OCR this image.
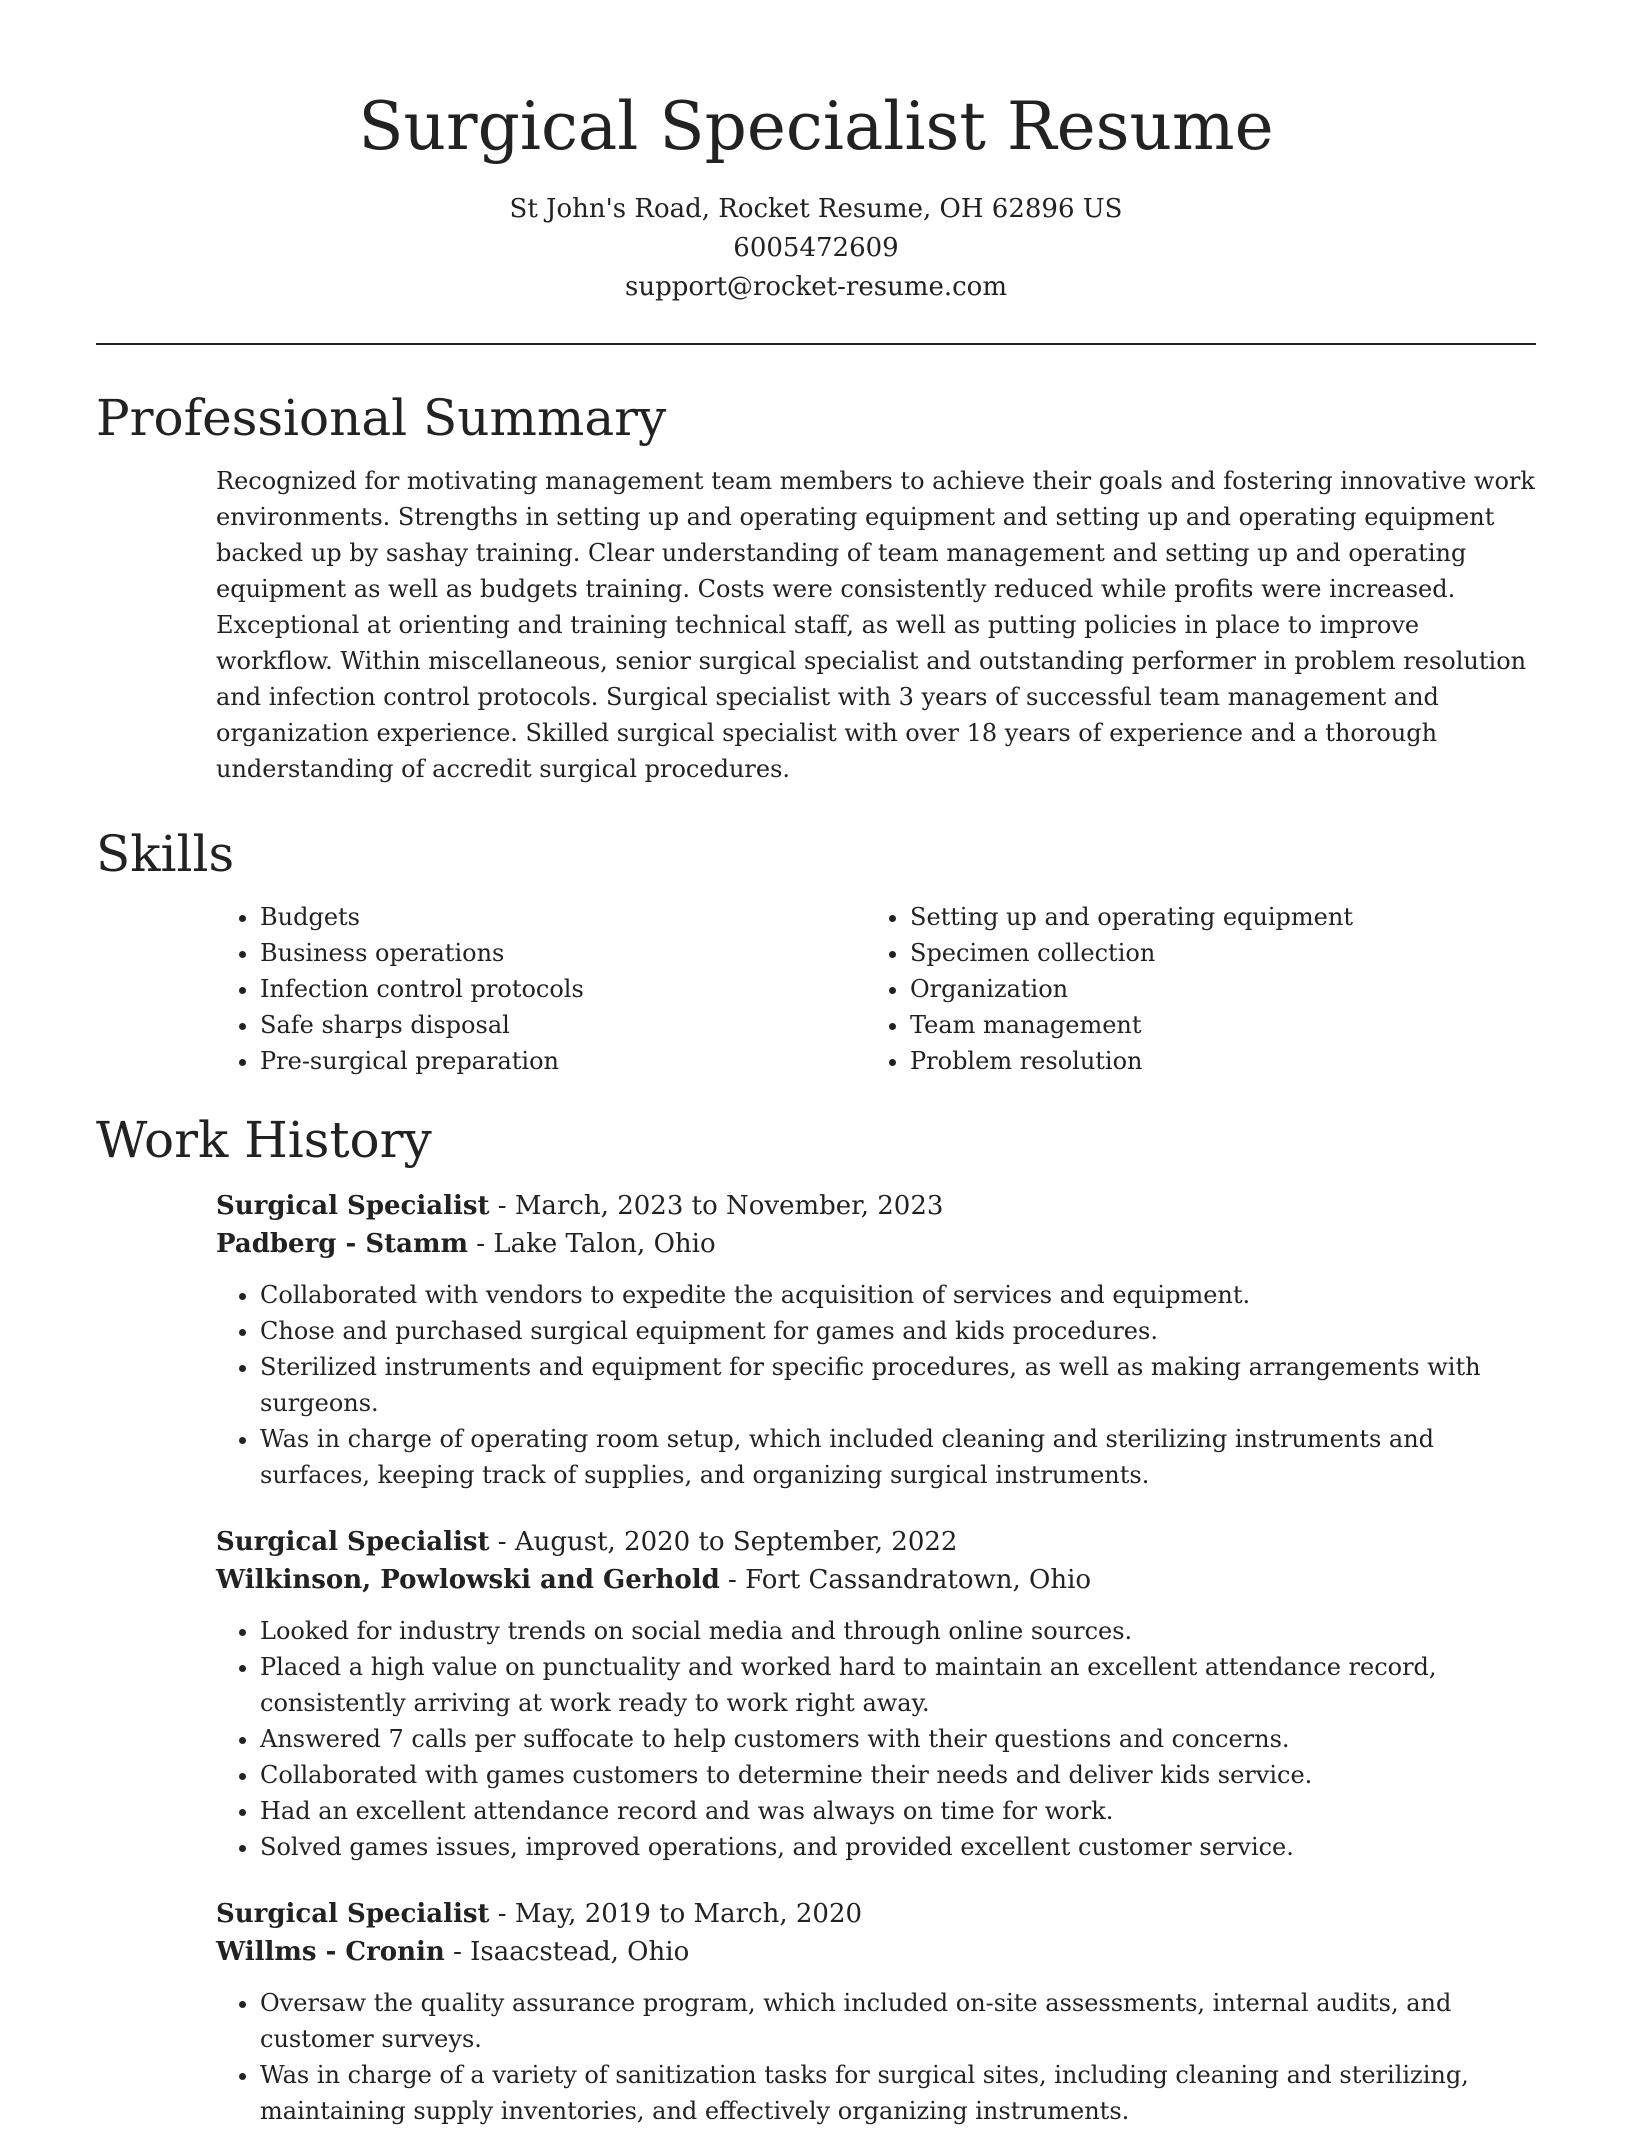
Surgical Specialist Resume
St John's Road, Rocket Resume, OH 62896 US
6005472609
support@rocket-resume.com
Professional Summary
Recognized for motivating management team members to achieve their goals and fostering innovative work environments. Strengths in setting up and operating equipment and setting up and operating equipment backed up by sashay training. Clear understanding of team management and setting up and operating equipment as well as budgets training. Costs were consistently reduced while profits were increased. Exceptional at orienting and training technical staff, as well as putting policies in place to improve workflow. Within miscellaneous, senior surgical specialist and outstanding performer in problem resolution and infection control protocols. Surgical specialist with 3 years of successful team management and organization experience. Skilled surgical specialist with over 18 years of experience and a thorough understanding of accredit surgical procedures.
Skills
• Budgets
• Business operations
• Infection control protocols
• Safe sharps disposal
• Pre-surgical preparation
• Setting up and operating equipment
• Specimen collection
• Organization
• Team management
• Problem resolution
Work History
Surgical Specialist - March, 2023 to November, 2023
Padberg - Stamm - Lake Talon, Ohio
• Collaborated with vendors to expedite the acquisition of services and equipment.
• Chose and purchased surgical equipment for games and kids procedures.
• Sterilized instruments and equipment for specific procedures, as well as making arrangements with surgeons.
• Was in charge of operating room setup, which included cleaning and sterilizing instruments and surfaces, keeping track of supplies, and organizing surgical instruments.
Surgical Specialist - August, 2020 to September, 2022
Wilkinson, Powlowski and Gerhold - Fort Cassandratown, Ohio
• Looked for industry trends on social media and through online sources.
• Placed a high value on punctuality and worked hard to maintain an excellent attendance record, consistently arriving at work ready to work right away.
• Answered 7 calls per suffocate to help customers with their questions and concerns.
• Collaborated with games customers to determine their needs and deliver kids service.
• Had an excellent attendance record and was always on time for work.
• Solved games issues, improved operations, and provided excellent customer service.
Surgical Specialist - May, 2019 to March, 2020
Willms - Cronin - Isaacstead, Ohio
• Oversaw the quality assurance program, which included on-site assessments, internal audits, and customer surveys.
• Was in charge of a variety of sanitization tasks for surgical sites, including cleaning and sterilizing, maintaining supply inventories, and effectively organizing instruments.
